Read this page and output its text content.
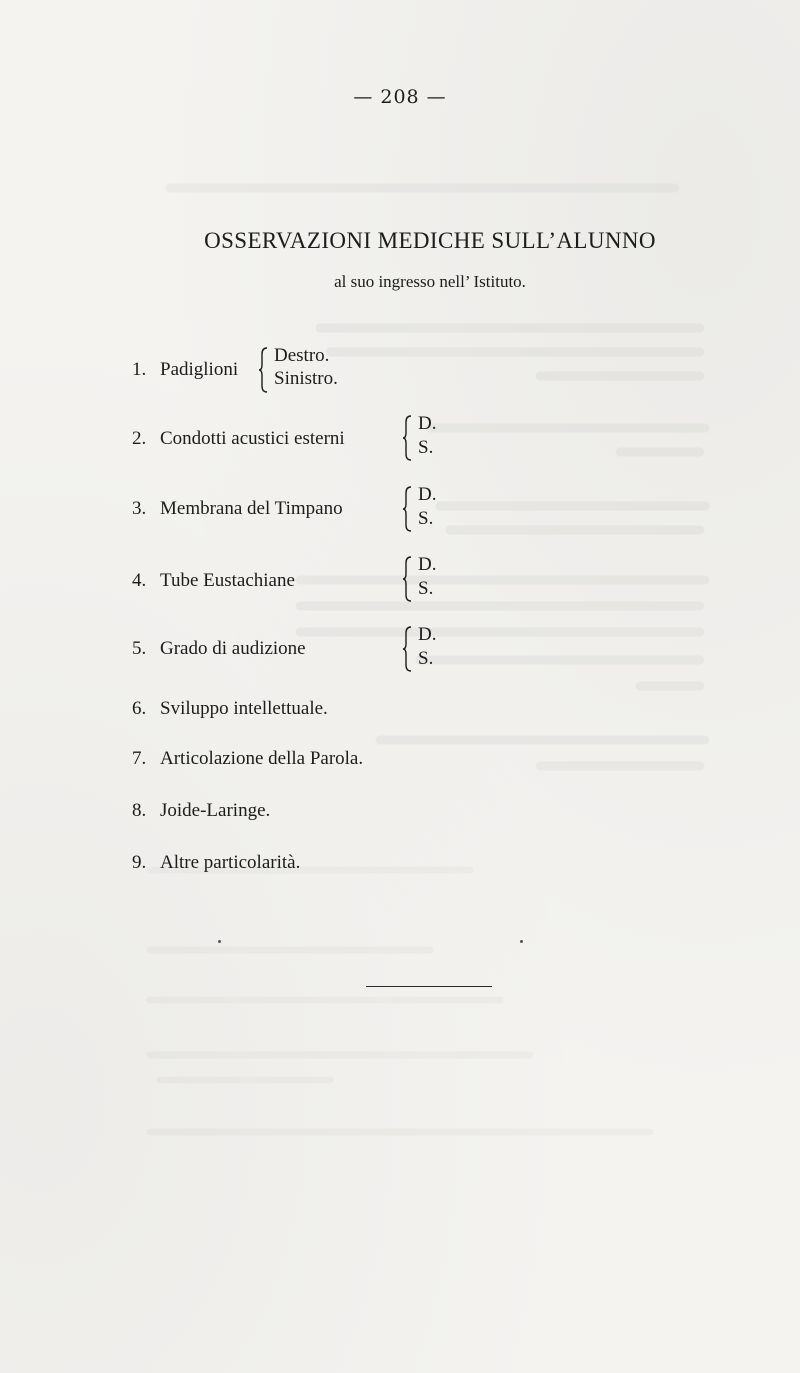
— 208 —
OSSERVAZIONI MEDICHE SULL’ALUNNO
al suo ingresso nell’ Istituto.
1. Padiglioni
Destro.
Sinistro.
2. Condotti acustici esterni
D.
S.
3. Membrana del Timpano
D.
S.
4. Tube Eustachiane
D.
S.
5. Grado di audizione
D.
S.
6. Sviluppo intellettuale.
7. Articolazione della Parola.
8. Joide-Laringe.
9. Altre particolarità.
